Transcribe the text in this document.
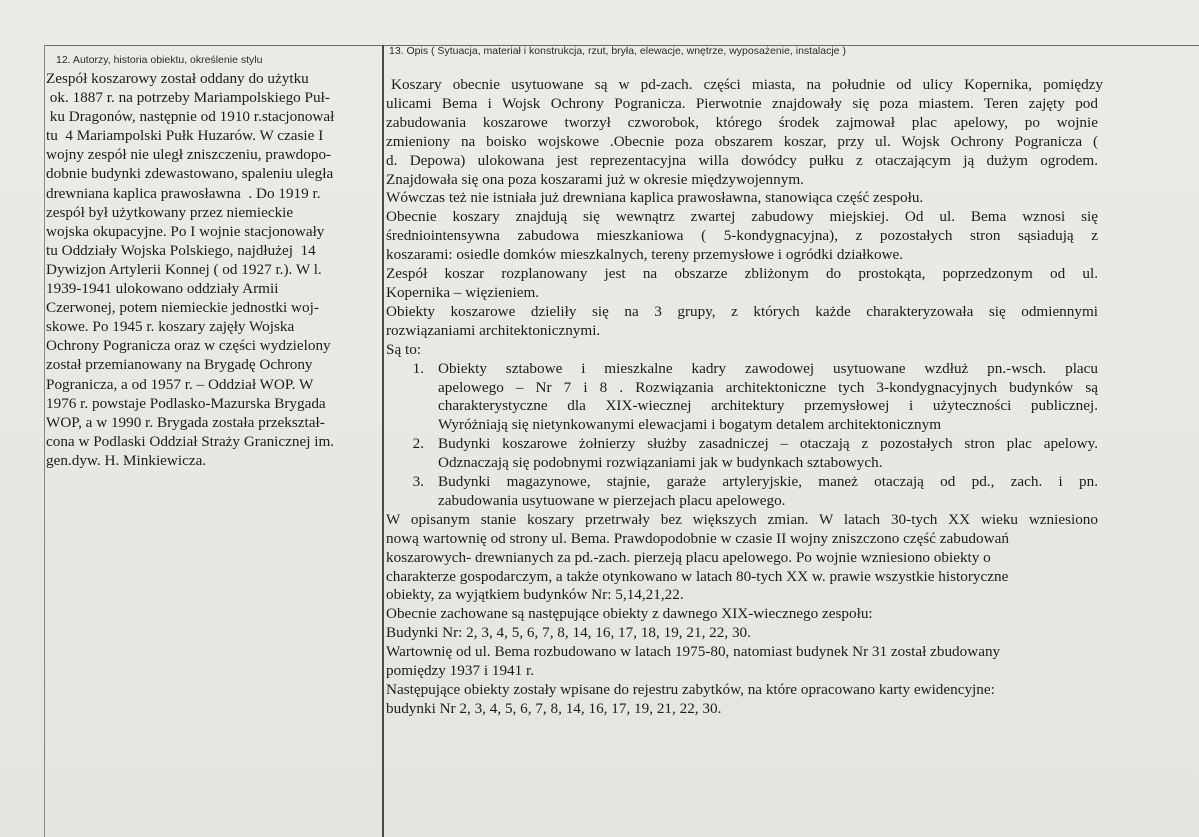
12. Autorzy, historia obiektu, określenie stylu
13. Opis ( Sytuacja, materiał i konstrukcja, rzut, bryła, elewacje, wnętrze, wyposażenie, instalacje )
Zespół koszarowy został oddany do użytku
ok. 1887 r. na potrzeby Mariampolskiego Puł-
ku Dragonów, następnie od 1910 r.stacjonował
tu  4 Mariampolski Pułk Huzarów. W czasie I
wojny zespół nie uległ zniszczeniu, prawdopo-
dobnie budynki zdewastowano, spaleniu uległa
drewniana kaplica prawosławna  . Do 1919 r.
zespół był użytkowany przez niemieckie
wojska okupacyjne. Po I wojnie stacjonowały
tu Oddziały Wojska Polskiego, najdłużej  14
Dywizjon Artylerii Konnej ( od 1927 r.). W l.
1939-1941 ulokowano oddziały Armii
Czerwonej, potem niemieckie jednostki woj-
skowe. Po 1945 r. koszary zajęły Wojska
Ochrony Pogranicza oraz w części wydzielony
został przemianowany na Brygadę Ochrony
Pogranicza, a od 1957 r. – Oddział WOP. W
1976 r. powstaje Podlasko-Mazurska Brygada
WOP, a w 1990 r. Brygada została przekształ-
cona w Podlaski Oddział Straży Granicznej im.
gen.dyw. H. Minkiewicza.
Koszary obecnie usytuowane są w pd-zach. części miasta, na południe od ulicy Kopernika, pomiędzy
ulicami Bema i Wojsk Ochrony Pogranicza. Pierwotnie znajdowały się poza miastem. Teren zajęty pod
zabudowania koszarowe tworzył czworobok, którego środek zajmował plac apelowy, po wojnie
zmieniony na boisko wojskowe .Obecnie poza obszarem koszar, przy ul. Wojsk Ochrony Pogranicza (
d. Depowa) ulokowana jest reprezentacyjna willa dowódcy pułku z otaczającym ją dużym ogrodem.
Znajdowała się ona poza koszarami już w okresie międzywojennym.
Wówczas też nie istniała już drewniana kaplica prawosławna, stanowiąca część zespołu.
Obecnie koszary znajdują się wewnątrz zwartej zabudowy miejskiej. Od ul. Bema wznosi się
średniointensywna zabudowa mieszkaniowa ( 5-kondygnacyjna), z pozostałych stron sąsiadują z
koszarami: osiedle domków mieszkalnych, tereny przemysłowe i ogródki działkowe.
Zespół koszar rozplanowany jest na obszarze zbliżonym do prostokąta, poprzedzonym od ul.
Kopernika – więzieniem.
Obiekty koszarowe dzieliły się na 3 grupy, z których każde charakteryzowała się odmiennymi
rozwiązaniami architektonicznymi.
Są to:
1. Obiekty sztabowe i mieszkalne kadry zawodowej usytuowane wzdłuż pn.-wsch. placu
apelowego – Nr 7 i 8 . Rozwiązania architektoniczne tych 3-kondygnacyjnych budynków są
charakterystyczne dla XIX-wiecznej architektury przemysłowej i użyteczności publicznej.
Wyróżniają się nietynkowanymi elewacjami i bogatym detalem architektonicznym
2. Budynki koszarowe żołnierzy służby zasadniczej – otaczają z pozostałych stron plac apelowy.
Odznaczają się podobnymi rozwiązaniami jak w budynkach sztabowych.
3. Budynki magazynowe, stajnie, garaże artyleryjskie, maneż otaczają od pd., zach. i pn.
zabudowania usytuowane w pierzejach placu apelowego.
W opisanym stanie koszary przetrwały bez większych zmian. W latach 30-tych XX wieku wzniesiono
nową wartownię od strony ul. Bema. Prawdopodobnie w czasie II wojny zniszczono część zabudowań
koszarowych- drewnianych za pd.-zach. pierzeją placu apelowego. Po wojnie wzniesiono obiekty o
charakterze gospodarczym, a także otynkowano w latach 80-tych XX w. prawie wszystkie historyczne
obiekty, za wyjątkiem budynków Nr: 5,14,21,22.
Obecnie zachowane są następujące obiekty z dawnego XIX-wiecznego zespołu:
Budynki Nr: 2, 3, 4, 5, 6, 7, 8, 14, 16, 17, 18, 19, 21, 22, 30.
Wartownię od ul. Bema rozbudowano w latach 1975-80, natomiast budynek Nr 31 został zbudowany
pomiędzy 1937 i 1941 r.
Następujące obiekty zostały wpisane do rejestru zabytków, na które opracowano karty ewidencyjne:
budynki Nr 2, 3, 4, 5, 6, 7, 8, 14, 16, 17, 19, 21, 22, 30.
